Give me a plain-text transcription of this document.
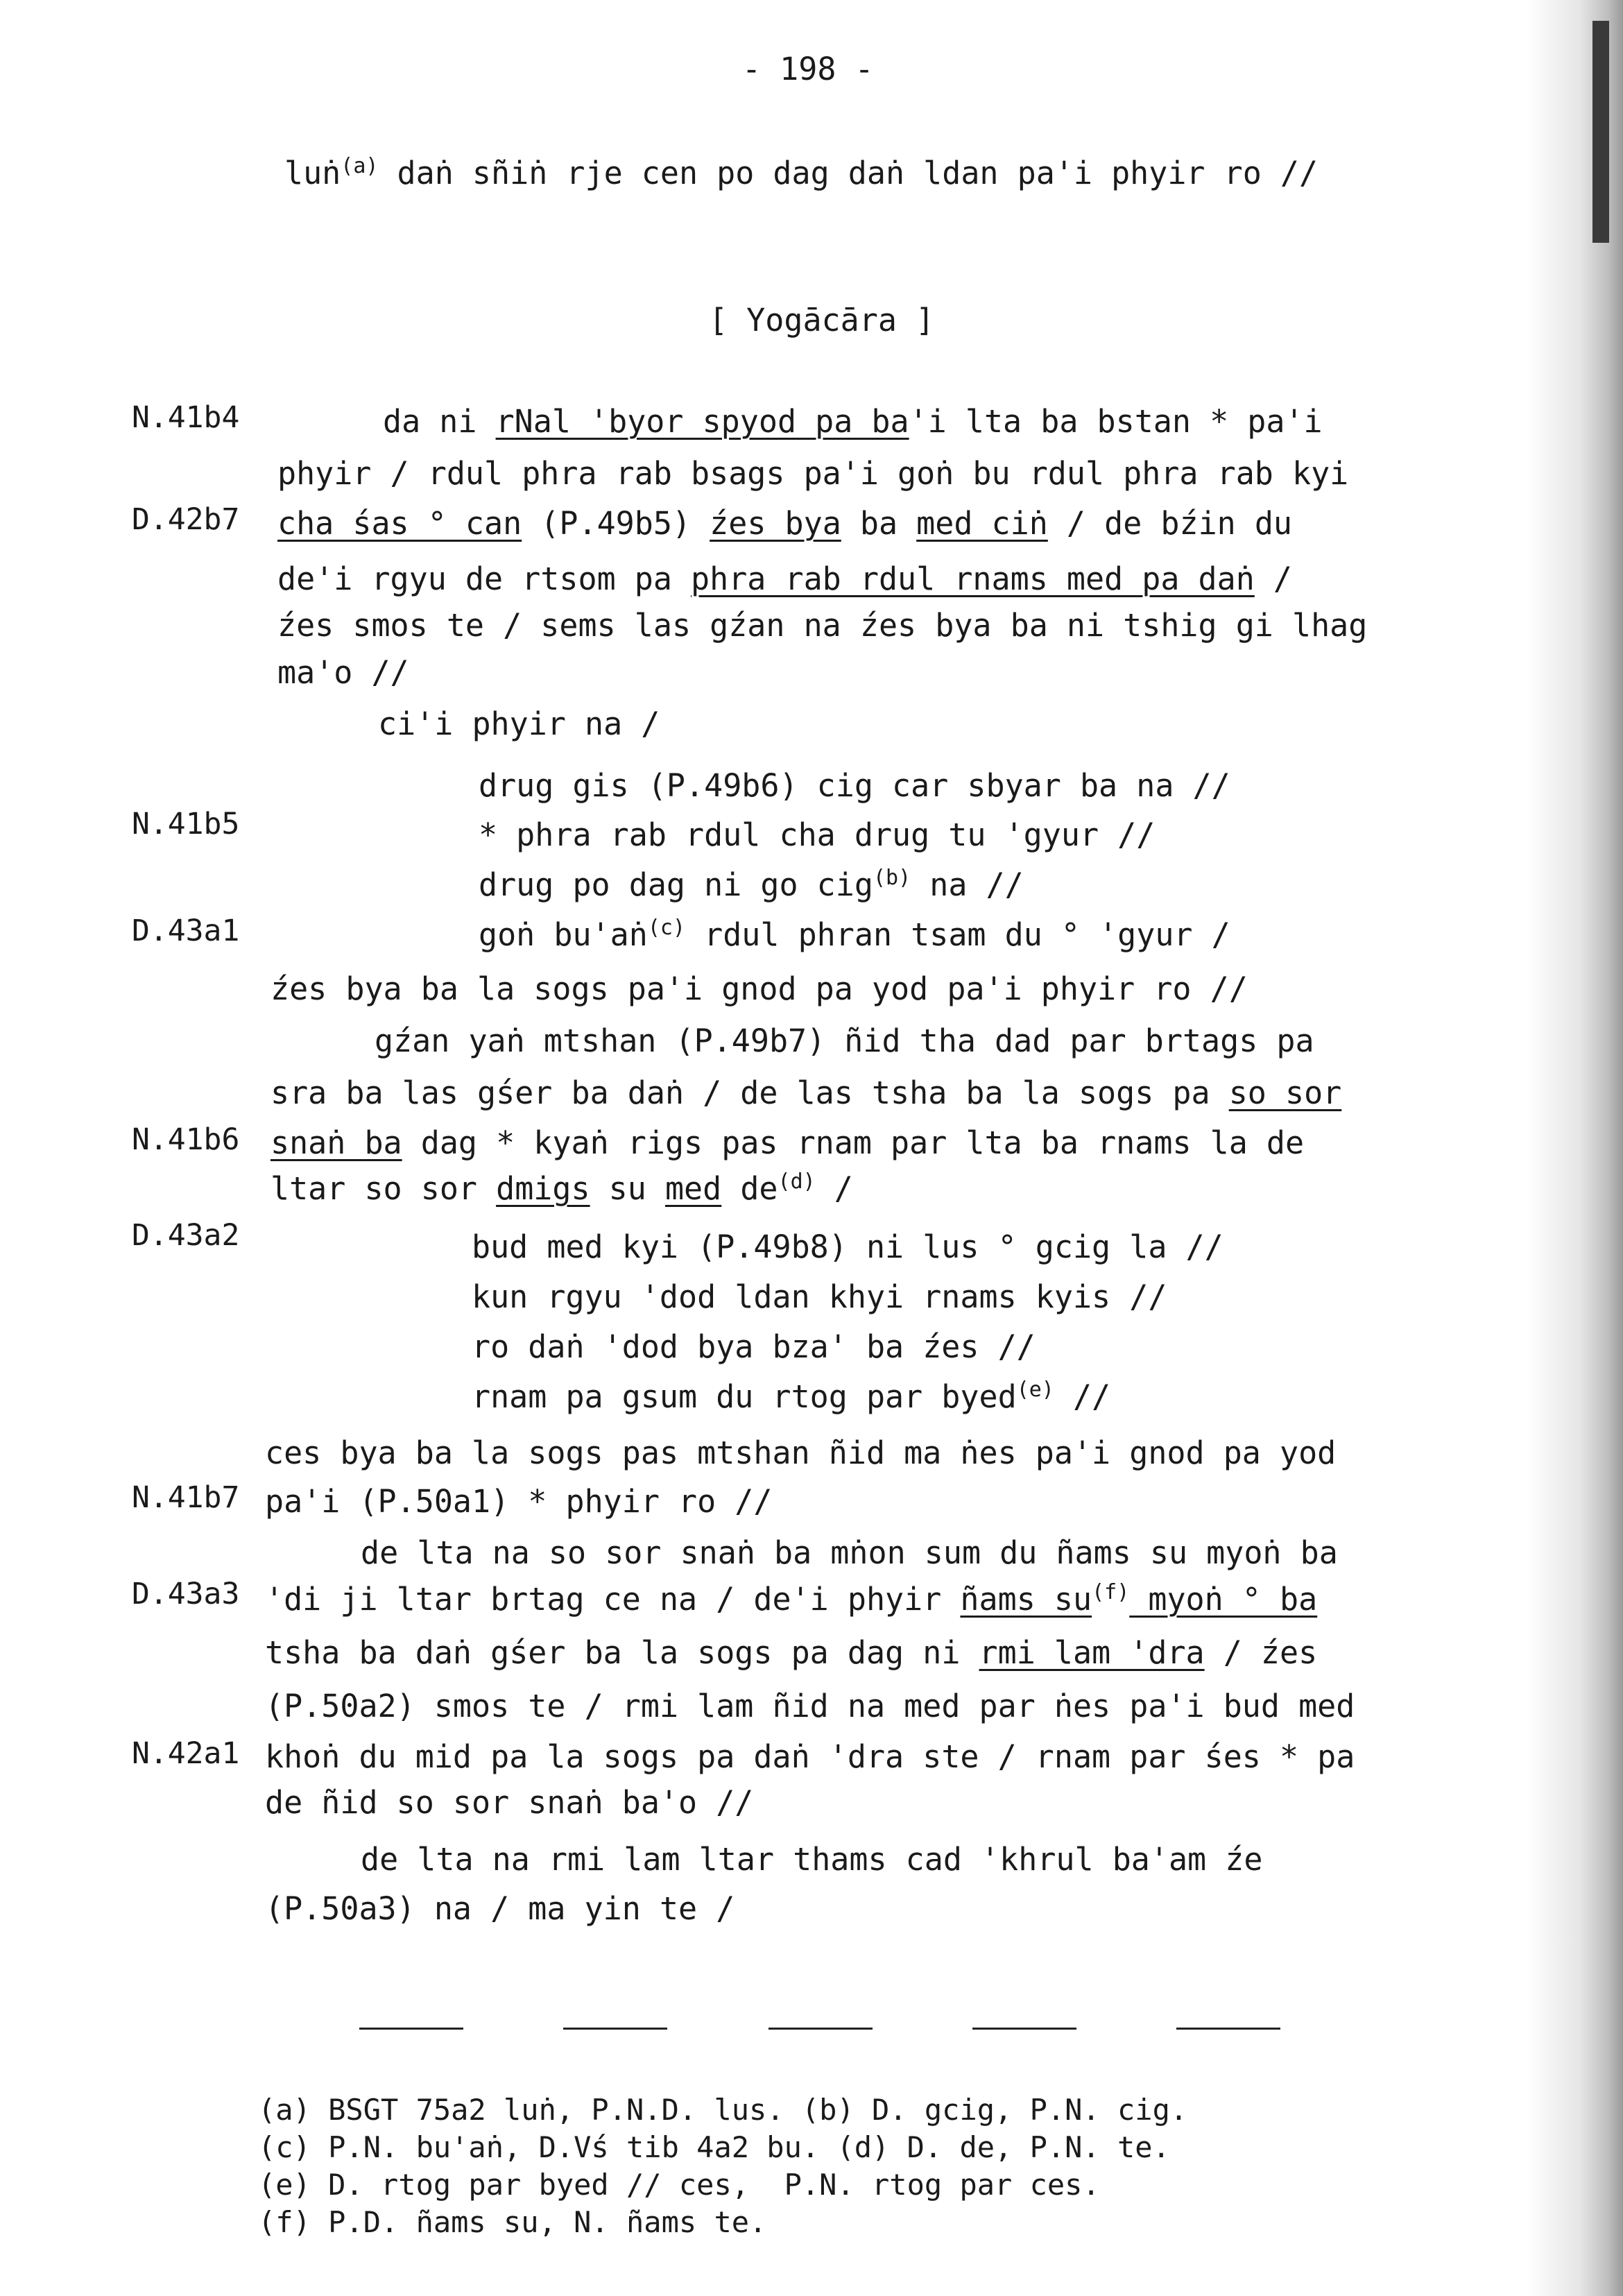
- 198 -
luṅ$^{(a)}$ daṅ sñiṅ rje cen po dag daṅ ldan pa'i phyir ro //
[ Yogācāra ]
N.41b4
D.42b7
N.41b5
D.43a1
N.41b6
D.43a2
N.41b7
D.43a3
N.42a1
da ni rNal 'byor spyod pa ba'i lta ba bstan * pa'i
phyir / rdul phra rab bsags pa'i goṅ bu rdul phra rab kyi
cha śas ° can (P.49b5) źes bya ba med ciṅ / de bźin du
de'i rgyu de rtsom pa phra rab rdul rnams med pa daṅ /
źes smos te / sems las gźan na źes bya ba ni tshig gi lhag
ma'o //
ci'i phyir na /
drug gis (P.49b6) cig car sbyar ba na //
* phra rab rdul cha drug tu 'gyur //
drug po dag ni go cig$^{(b)}$ na //
goṅ bu'aṅ$^{(c)}$ rdul phran tsam du ° 'gyur /
źes bya ba la sogs pa'i gnod pa yod pa'i phyir ro //
gźan yaṅ mtshan (P.49b7) ñid tha dad par brtags pa
sra ba las gśer ba daṅ / de las tsha ba la sogs pa so sor
snaṅ ba dag * kyaṅ rigs pas rnam par lta ba rnams la de
ltar so sor dmigs su med $de^{(d)}$ /
bud med kyi (P.49b8) ni lus ° gcig la //
kun rgyu 'dod ldan khyi rnams kyis //
ro daṅ 'dod bya bza' ba źes //
rnam pa gsum du rtog par byed$^{(e)}$ //
ces bya ba la sogs pas mtshan ñid ma ṅes pa'i gnod pa yod
pa'i (P.50a1) * phyir ro //
de lta na so sor snaṅ ba mṅon sum du ñams su myoṅ ba
'di ji ltar brtag ce na / de'i phyir ñams $su^{(f)}$ myoṅ ° ba
tsha ba daṅ gśer ba la sogs pa dag ni rmi lam 'dra / źes
(P.50a2) smos te / rmi lam ñid na med par ṅes pa'i bud med
khoṅ du mid pa la sogs pa daṅ 'dra ste / rnam par śes * pa
de ñid so sor snaṅ ba'o //
de lta na rmi lam ltar thams cad 'khrul ba'am źe
(P.50a3) na / ma yin te /
(a) BSGT 75a2 luṅ, P.N.D. lus. (b) D. gcig, P.N. cig.
(c) P.N. bu'aṅ, D.Vś tib 4a2 bu. (d) D. de, P.N. te.
(e) D. rtog par byed // ces,  P.N. rtog par ces.
(f) P.D. ñams su, N. ñams te.
